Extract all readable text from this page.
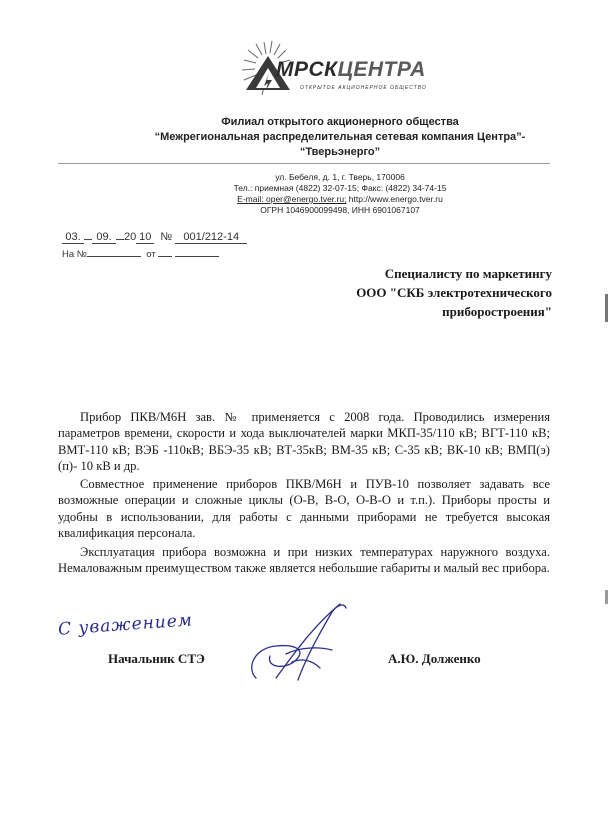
МРСКЦЕНТРА
ОТКРЫТОЕ АКЦИОНЕРНОЕ ОБЩЕСТВО
Филиал открытого акционерного общества
“Межрегиональная распределительная сетевая компания Центра”-
“Тверьэнерго”
ул. Бебеля, д. 1, г. Тверь, 170006
Тел.: приемная (4822) 32-07-15; Факс: (4822) 34-74-15
E-mail: oper@energo.tver.ru; http://www.energo.tver.ru
ОГРН 1046900099498, ИНН 6901067107
03. 09. 20 10 № 001/212-14
На №	от
Специалисту по маркетингу
ООО "СКБ электротехнического
приборостроения"

Прибор ПКВ/М6Н зав. № применяется с 2008 года. Проводились измерения параметров времени, скорости и хода выключателей марки МКП-35/110 кВ; ВГТ-110 кВ; ВМТ-110 кВ; ВЭБ -110кВ; ВБЭ-35 кВ; ВТ-35кВ; ВМ-35 кВ; С-35 кВ; ВК-10 кВ; ВМП(э)(п)- 10 кВ и др.

Совместное применение приборов ПКВ/М6Н и ПУВ-10 позволяет задавать все возможные операции и сложные циклы (О-В, В-О, О-В-О и т.п.). Приборы просты и удобны в использовании, для работы с данными приборами не требуется высокая квалификация персонала.

Эксплуатация прибора возможна и при низких температурах наружного воздуха. Немаловажным преимуществом также является небольшие габариты и малый вес прибора.

С уважением
Начальник СТЭ	А.Ю. Долженко
